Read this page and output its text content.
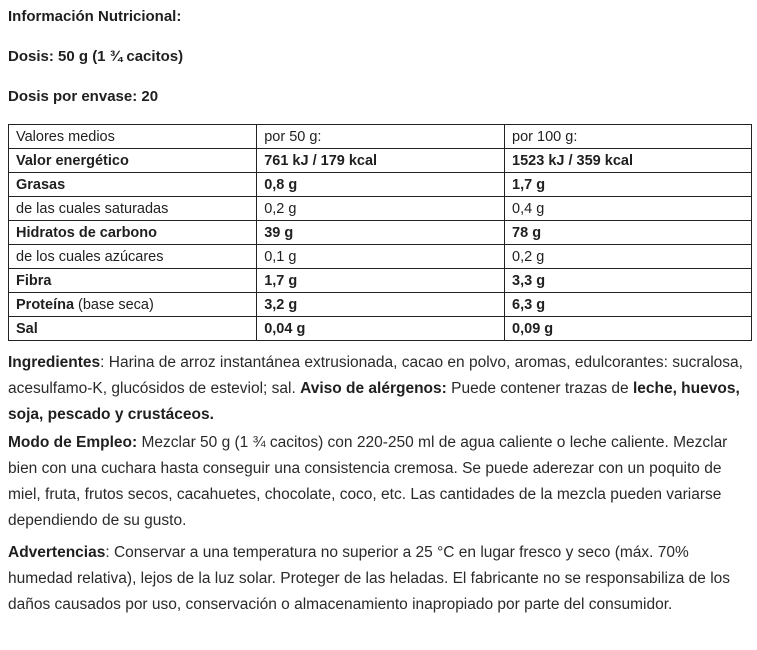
Información Nutricional:
Dosis: 50 g (1 ¾ cacitos)
Dosis por envase: 20
Valores medios	por 50 g:	por 100 g:
Valor energético	761 kJ / 179 kcal	1523 kJ / 359 kcal
Grasas	0,8 g	1,7 g
de las cuales saturadas	0,2 g	0,4 g
Hidratos de carbono	39 g	78 g
de los cuales azúcares	0,1 g	0,2 g
Fibra	1,7 g	3,3 g
Proteína (base seca)	3,2 g	6,3 g
Sal	0,04 g	0,09 g
Ingredientes: Harina de arroz instantánea extrusionada, cacao en polvo, aromas, edulcorantes: sucralosa, acesulfamo-K, glucósidos de esteviol; sal. Aviso de alérgenos: Puede contener trazas de leche, huevos, soja, pescado y crustáceos.
Modo de Empleo: Mezclar 50 g (1 ¾ cacitos) con 220-250 ml de agua caliente o leche caliente. Mezclar bien con una cuchara hasta conseguir una consistencia cremosa. Se puede aderezar con un poquito de miel, fruta, frutos secos, cacahuetes, chocolate, coco, etc. Las cantidades de la mezcla pueden variarse dependiendo de su gusto.
Advertencias: Conservar a una temperatura no superior a 25 °C en lugar fresco y seco (máx. 70% humedad relativa), lejos de la luz solar. Proteger de las heladas. El fabricante no se responsabiliza de los daños causados por uso, conservación o almacenamiento inapropiado por parte del consumidor.
